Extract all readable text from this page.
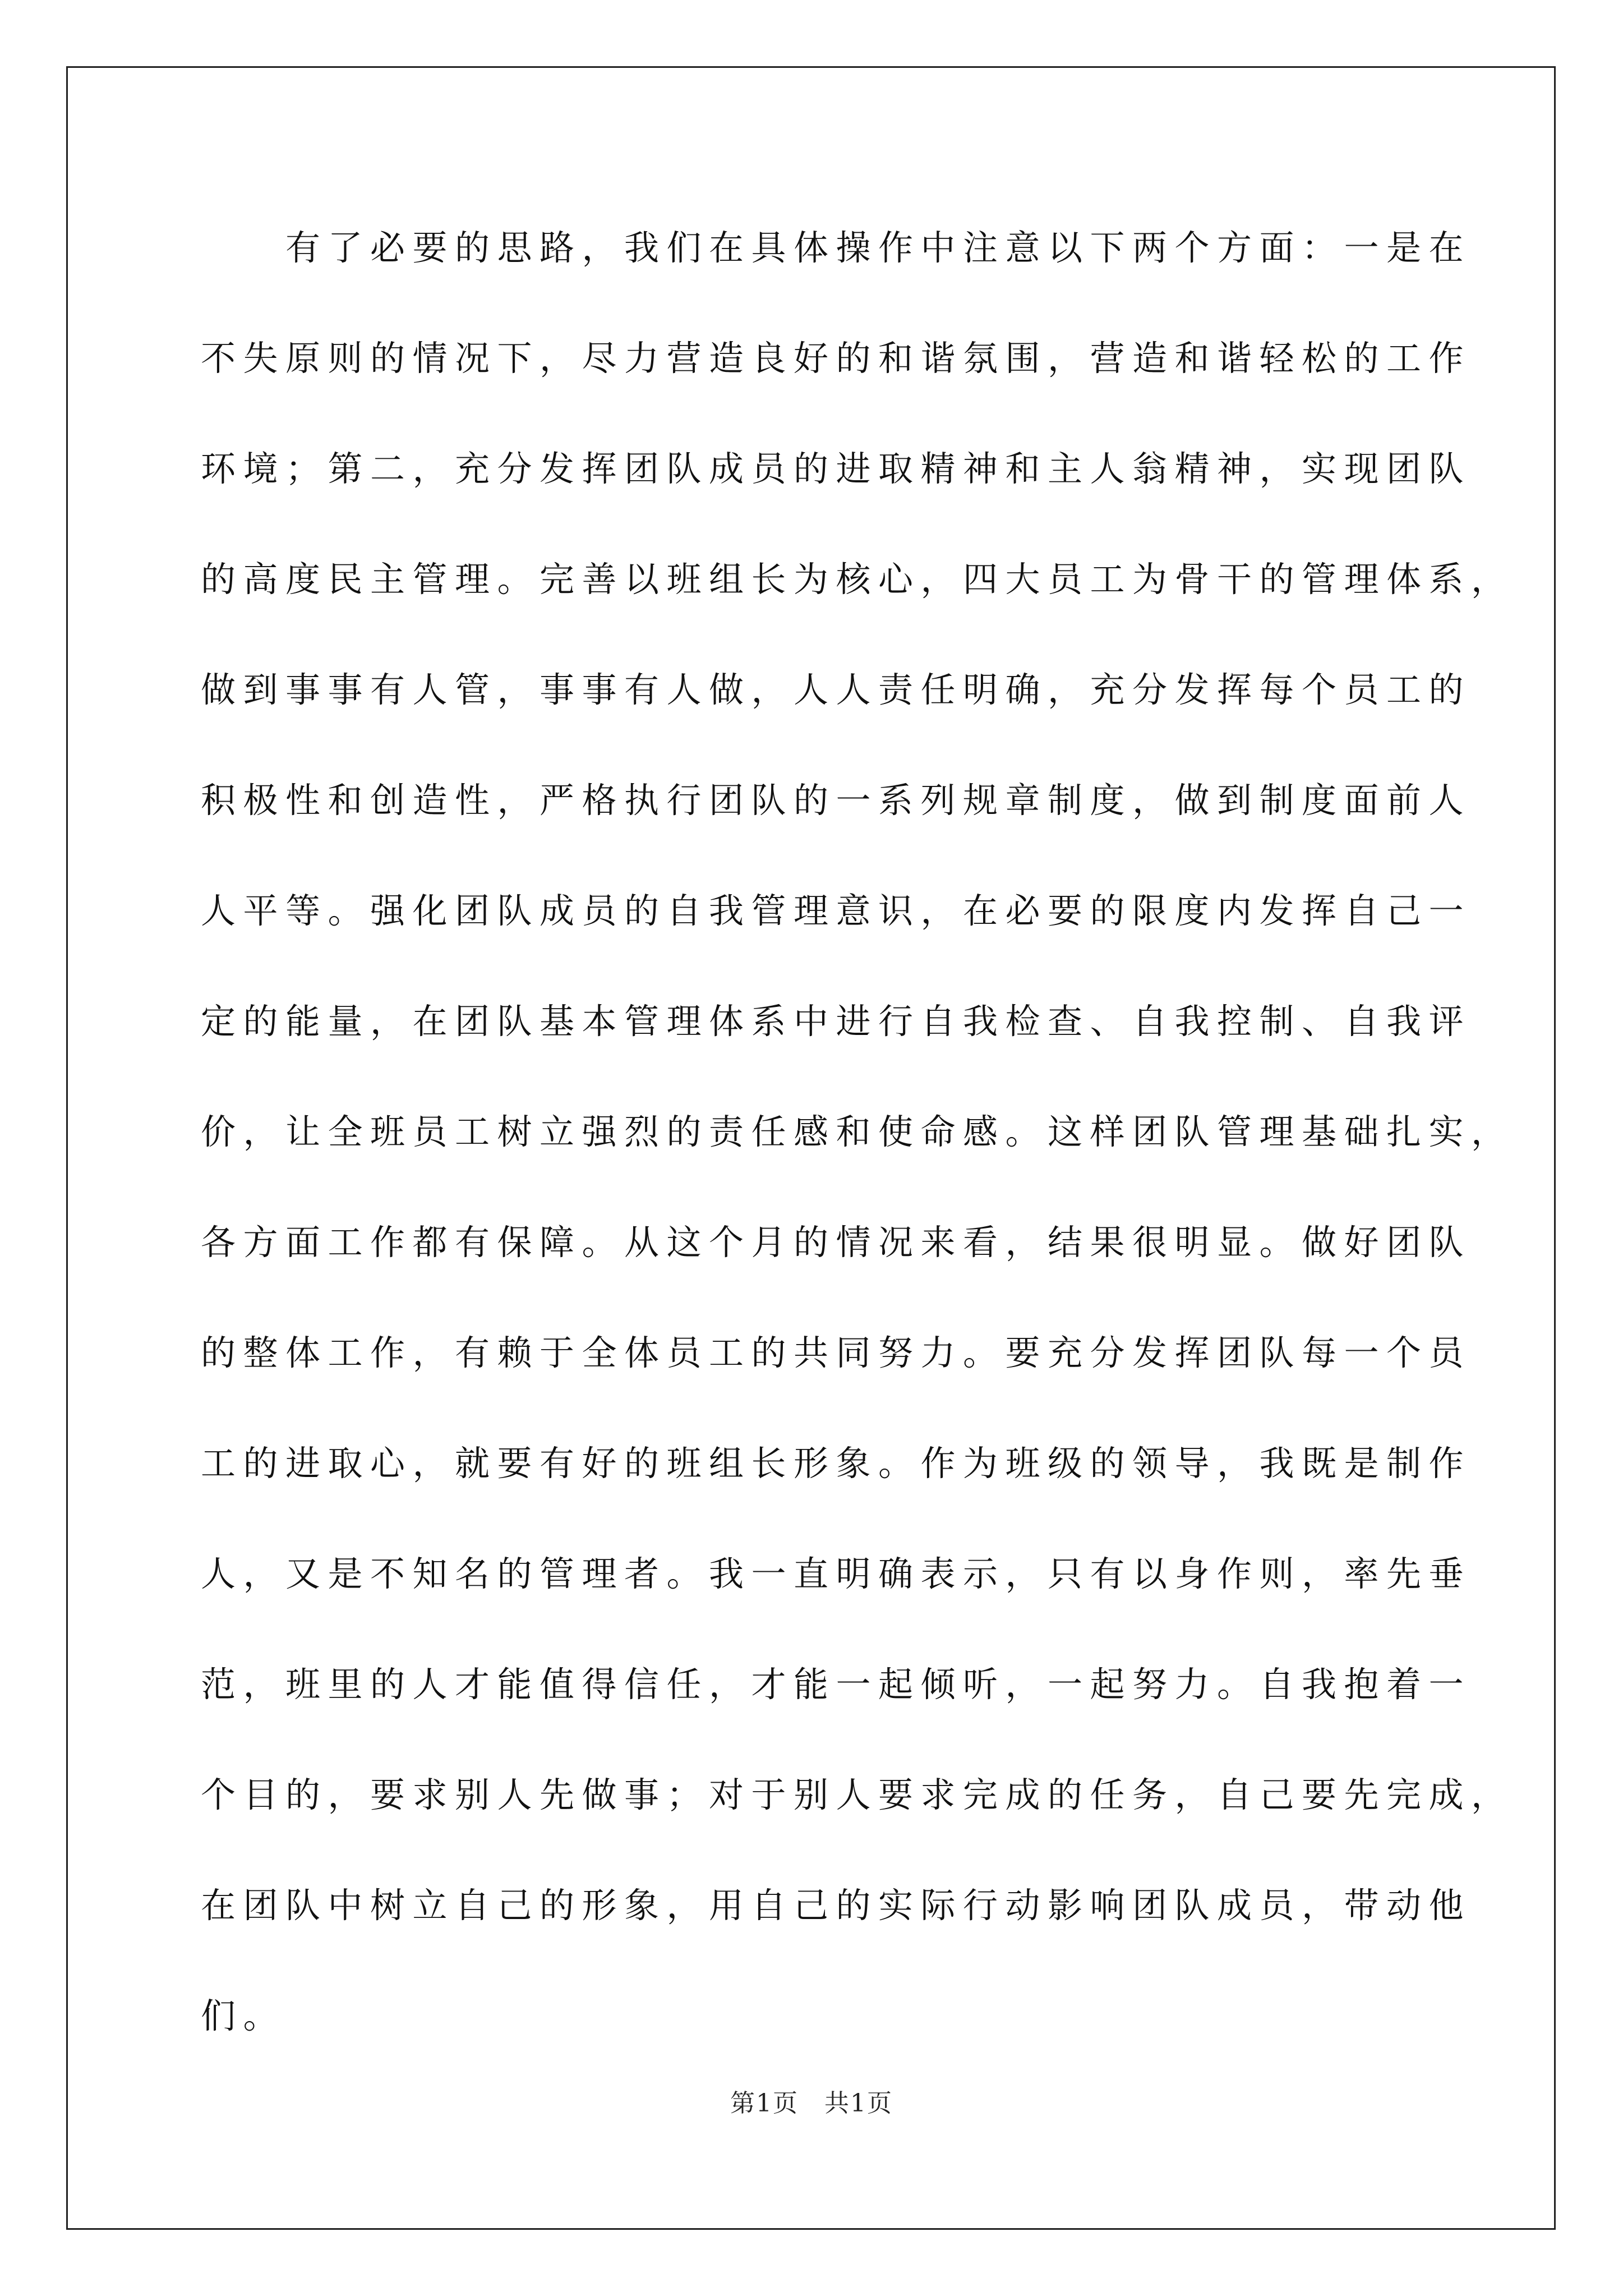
　　有了必要的思路，我们在具体操作中注意以下两个方面：一是在
不失原则的情况下，尽力营造良好的和谐氛围，营造和谐轻松的工作
环境；第二，充分发挥团队成员的进取精神和主人翁精神，实现团队
的高度民主管理。完善以班组长为核心，四大员工为骨干的管理体系，
做到事事有人管，事事有人做，人人责任明确，充分发挥每个员工的
积极性和创造性，严格执行团队的一系列规章制度，做到制度面前人
人平等。强化团队成员的自我管理意识，在必要的限度内发挥自己一
定的能量，在团队基本管理体系中进行自我检查、自我控制、自我评
价，让全班员工树立强烈的责任感和使命感。这样团队管理基础扎实，
各方面工作都有保障。从这个月的情况来看，结果很明显。做好团队
的整体工作，有赖于全体员工的共同努力。要充分发挥团队每一个员
工的进取心，就要有好的班组长形象。作为班级的领导，我既是制作
人，又是不知名的管理者。我一直明确表示，只有以身作则，率先垂
范，班里的人才能值得信任，才能一起倾听，一起努力。自我抱着一
个目的，要求别人先做事；对于别人要求完成的任务，自己要先完成，
在团队中树立自己的形象，用自己的实际行动影响团队成员，带动他
们。
第1页　共1页
